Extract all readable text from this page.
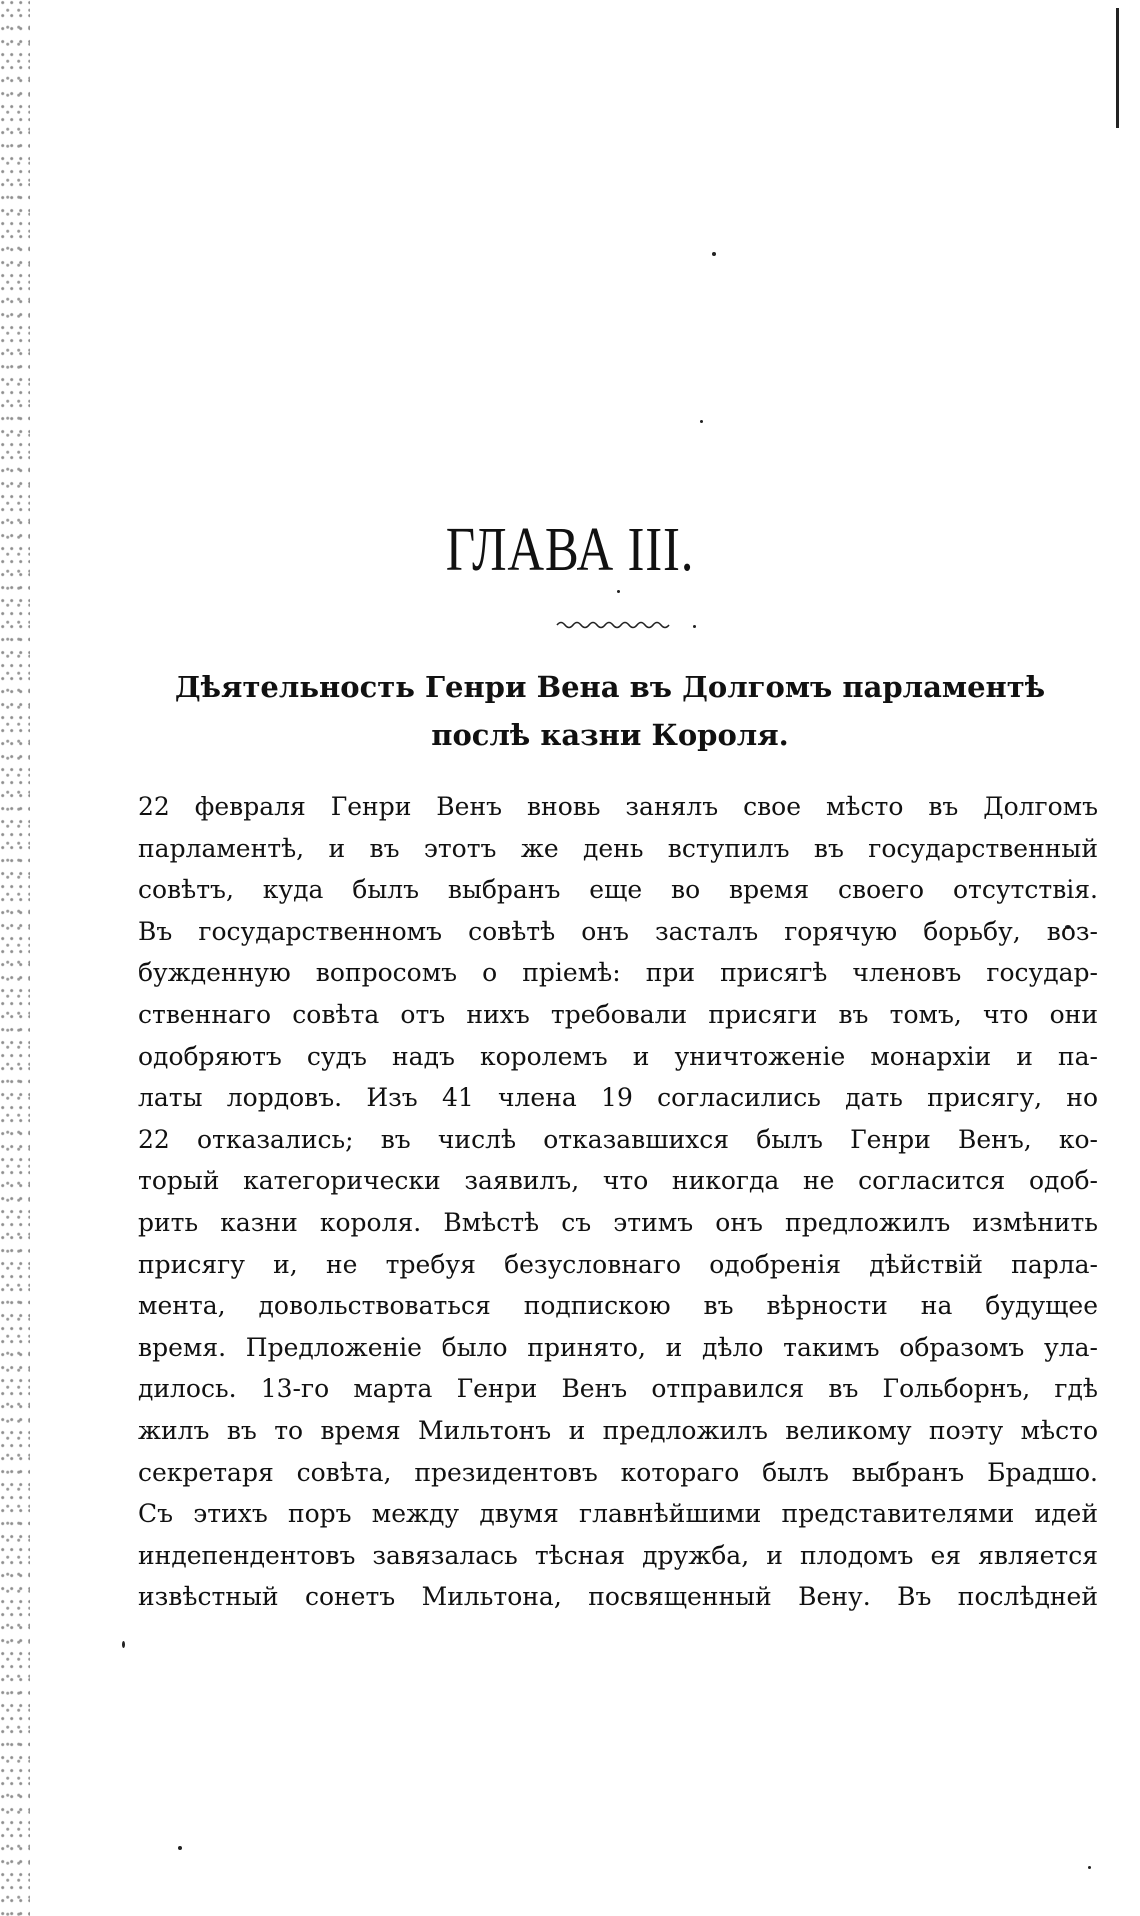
ГЛАВА III.
Дѣятельность Генри Вена въ Долгомъ парламентѣ
послѣ казни Короля.
22 февраля Генри Венъ вновь занялъ свое мѣсто въ Долгомъ
парламентѣ, и въ этотъ же день вступилъ въ государственный
совѣтъ, куда былъ выбранъ еще во время своего отсутствія.
Въ государственномъ совѣтѣ онъ засталъ горячую борьбу, воз-
бужденную вопросомъ о пріемѣ: при присягѣ членовъ государ-
ственнаго совѣта отъ нихъ требовали присяги въ томъ, что они
одобряютъ судъ надъ королемъ и уничтоженіе монархіи и па-
латы лордовъ. Изъ 41 члена 19 согласились дать присягу, но
22 отказались; въ числѣ отказавшихся былъ Генри Венъ, ко-
торый категорически заявилъ, что никогда не согласится одоб-
рить казни короля. Вмѣстѣ съ этимъ онъ предложилъ измѣнить
присягу и, не требуя безусловнаго одобренія дѣйствій парла-
мента, довольствоваться подпискою въ вѣрности на будущее
время. Предложеніе было принято, и дѣло такимъ образомъ ула-
дилось. 13-го марта Генри Венъ отправился въ Гольборнъ, гдѣ
жилъ въ то время Мильтонъ и предложилъ великому поэту мѣсто
секретаря совѣта, президентовъ котораго былъ выбранъ Брадшо.
Съ этихъ поръ между двумя главнѣйшими представителями идей
индепендентовъ завязалась тѣсная дружба, и плодомъ ея является
извѣстный сонетъ Мильтона, посвященный Вену. Въ послѣдней
